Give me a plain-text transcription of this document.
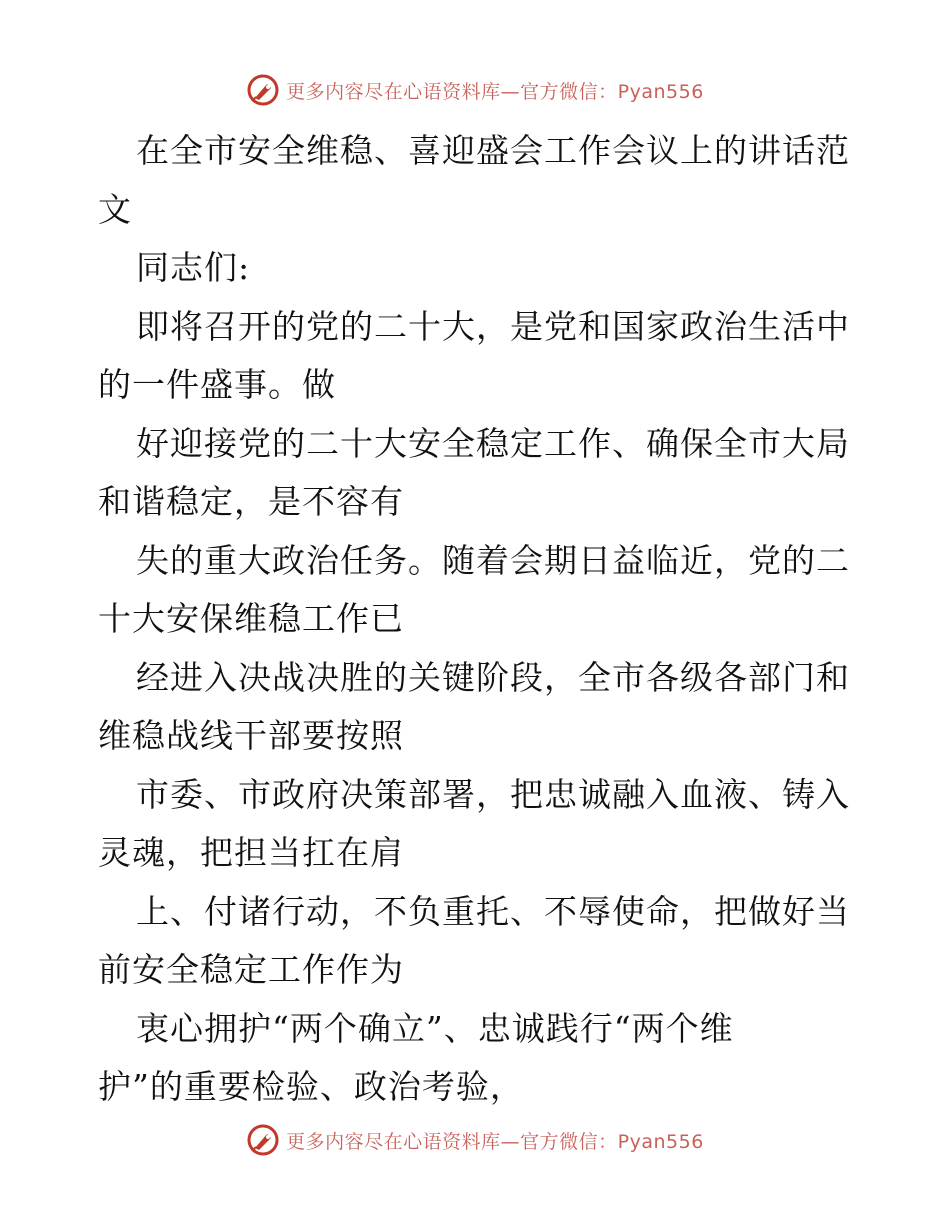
更多内容尽在心语资料库—官方微信：Pyan556
在全市安全维稳、喜迎盛会工作会议上的讲话范
文
同志们:
即将召开的党的二十大，是党和国家政治生活中
的一件盛事。做
好迎接党的二十大安全稳定工作、确保全市大局
和谐稳定，是不容有
失的重大政治任务。随着会期日益临近，党的二
十大安保维稳工作已
经进入决战决胜的关键阶段，全市各级各部门和
维稳战线干部要按照
市委、市政府决策部署，把忠诚融入血液、铸入
灵魂，把担当扛在肩
上、付诸行动，不负重托、不辱使命，把做好当
前安全稳定工作作为
衷心拥护“两个确立”、忠诚践行“两个维
护”的重要检验、政治考验，
更多内容尽在心语资料库—官方微信：Pyan556
